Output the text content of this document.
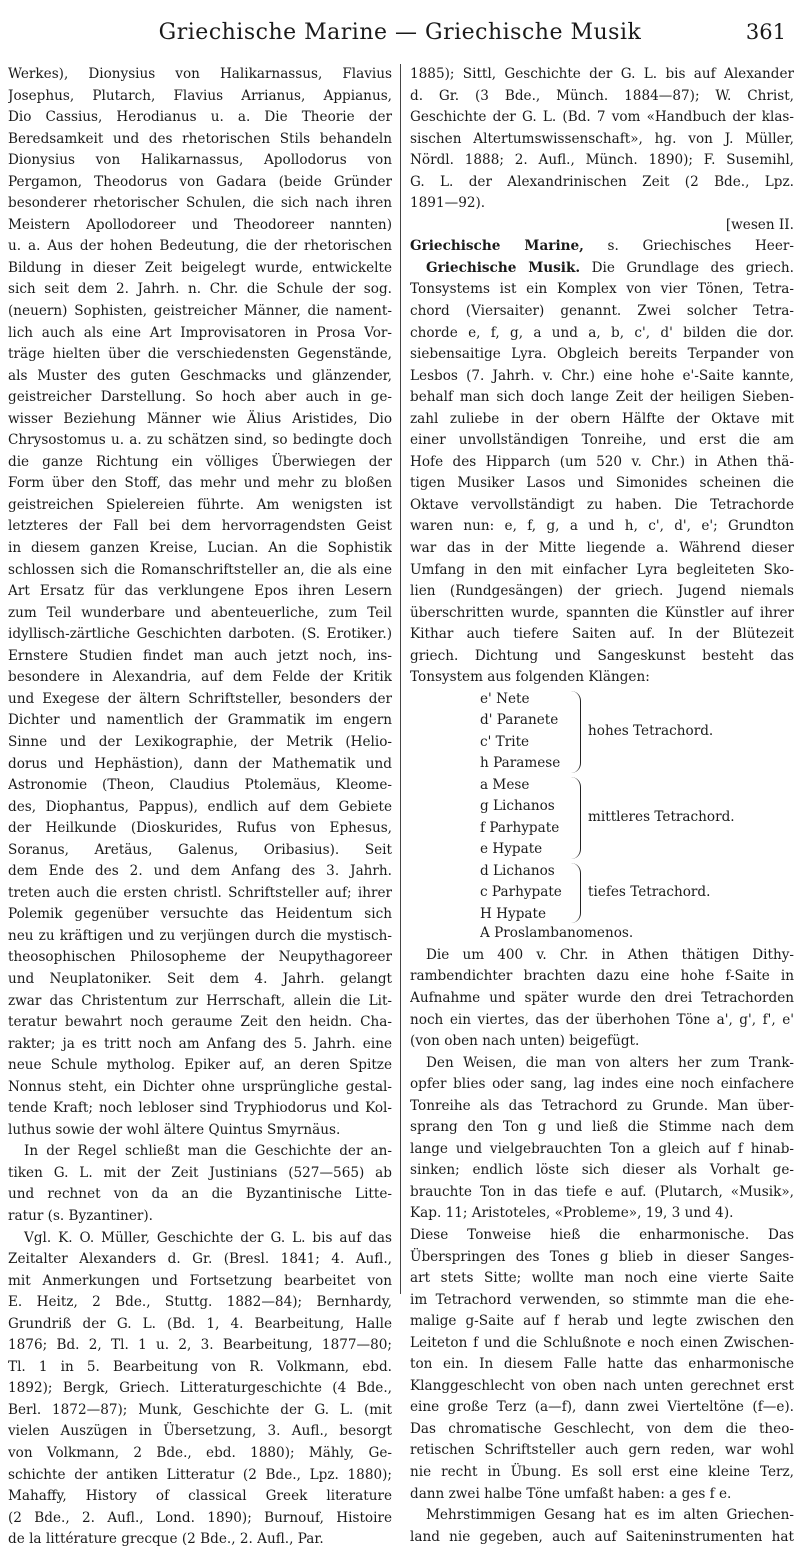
Griechische Marine — Griechische Musik	361
Werkes), Dionysius von Halikarnassus, Flavius
Josephus, Plutarch, Flavius Arrianus, Appianus,
Dio Cassius, Herodianus u. a. Die Theorie der
Beredsamkeit und des rhetorischen Stils behandeln
Dionysius von Halikarnassus, Apollodorus von
Pergamon, Theodorus von Gadara (beide Gründer
besonderer rhetorischer Schulen, die sich nach ihren
Meistern Apollodoreer und Theodoreer nannten)
u. a. Aus der hohen Bedeutung, die der rhetorischen
Bildung in dieser Zeit beigelegt wurde, entwickelte
sich seit dem 2. Jahrh. n. Chr. die Schule der sog.
(neuern) Sophisten, geistreicher Männer, die nament-
lich auch als eine Art Improvisatoren in Prosa Vor-
träge hielten über die verschiedensten Gegenstände,
als Muster des guten Geschmacks und glänzender,
geistreicher Darstellung. So hoch aber auch in ge-
wisser Beziehung Männer wie Älius Aristides, Dio
Chrysostomus u. a. zu schätzen sind, so bedingte doch
die ganze Richtung ein völliges Überwiegen der
Form über den Stoff, das mehr und mehr zu bloßen
geistreichen Spielereien führte. Am wenigsten ist
letzteres der Fall bei dem hervorragendsten Geist
in diesem ganzen Kreise, Lucian. An die Sophistik
schlossen sich die Romanschriftsteller an, die als eine
Art Ersatz für das verklungene Epos ihren Lesern
zum Teil wunderbare und abenteuerliche, zum Teil
idyllisch-zärtliche Geschichten darboten. (S. Erotiker.)
Ernstere Studien findet man auch jetzt noch, ins-
besondere in Alexandria, auf dem Felde der Kritik
und Exegese der ältern Schriftsteller, besonders der
Dichter und namentlich der Grammatik im engern
Sinne und der Lexikographie, der Metrik (Helio-
dorus und Hephästion), dann der Mathematik und
Astronomie (Theon, Claudius Ptolemäus, Kleome-
des, Diophantus, Pappus), endlich auf dem Gebiete
der Heilkunde (Dioskurides, Rufus von Ephesus,
Soranus, Aretäus, Galenus, Oribasius). Seit
dem Ende des 2. und dem Anfang des 3. Jahrh.
treten auch die ersten christl. Schriftsteller auf; ihrer
Polemik gegenüber versuchte das Heidentum sich
neu zu kräftigen und zu verjüngen durch die mystisch-
theosophischen Philosopheme der Neupythagoreer
und Neuplatoniker. Seit dem 4. Jahrh. gelangt
zwar das Christentum zur Herrschaft, allein die Lit-
teratur bewahrt noch geraume Zeit den heidn. Cha-
rakter; ja es tritt noch am Anfang des 5. Jahrh. eine
neue Schule mytholog. Epiker auf, an deren Spitze
Nonnus steht, ein Dichter ohne ursprüngliche gestal-
tende Kraft; noch lebloser sind Tryphiodorus und Kol-
luthus sowie der wohl ältere Quintus Smyrnäus.
In der Regel schließt man die Geschichte der an-
tiken G. L. mit der Zeit Justinians (527—565) ab
und rechnet von da an die Byzantinische Litte-
ratur (s. Byzantiner).
Vgl. K. O. Müller, Geschichte der G. L. bis auf das
Zeitalter Alexanders d. Gr. (Bresl. 1841; 4. Aufl.,
mit Anmerkungen und Fortsetzung bearbeitet von
E. Heitz, 2 Bde., Stuttg. 1882—84); Bernhardy,
Grundriß der G. L. (Bd. 1, 4. Bearbeitung, Halle
1876; Bd. 2, Tl. 1 u. 2, 3. Bearbeitung, 1877—80;
Tl. 1 in 5. Bearbeitung von R. Volkmann, ebd.
1892); Bergk, Griech. Litteraturgeschichte (4 Bde.,
Berl. 1872—87); Munk, Geschichte der G. L. (mit
vielen Auszügen in Übersetzung, 3. Aufl., besorgt
von Volkmann, 2 Bde., ebd. 1880); Mähly, Ge-
schichte der antiken Litteratur (2 Bde., Lpz. 1880);
Mahaffy, History of classical Greek literature
(2 Bde., 2. Aufl., Lond. 1890); Burnouf, Histoire
de la littérature grecque (2 Bde., 2. Aufl., Par.
1885); Sittl, Geschichte der G. L. bis auf Alexander
d. Gr. (3 Bde., Münch. 1884—87); W. Christ,
Geschichte der G. L. (Bd. 7 vom «Handbuch der klas-
sischen Altertumswissenschaft», hg. von J. Müller,
Nördl. 1888; 2. Aufl., Münch. 1890); F. Susemihl,
G. L. der Alexandrinischen Zeit (2 Bde., Lpz.
1891—92).
[wesen II.
Griechische Marine, s. Griechisches Heer-
Griechische Musik. Die Grundlage des griech.
Tonsystems ist ein Komplex von vier Tönen, Tetra-
chord (Viersaiter) genannt. Zwei solcher Tetra-
chorde e, f, g, a und a, b, c', d' bilden die dor.
siebensaitige Lyra. Obgleich bereits Terpander von
Lesbos (7. Jahrh. v. Chr.) eine hohe e'-Saite kannte,
behalf man sich doch lange Zeit der heiligen Sieben-
zahl zuliebe in der obern Hälfte der Oktave mit
einer unvollständigen Tonreihe, und erst die am
Hofe des Hipparch (um 520 v. Chr.) in Athen thä-
tigen Musiker Lasos und Simonides scheinen die
Oktave vervollständigt zu haben. Die Tetrachorde
waren nun: e, f, g, a und h, c', d', e'; Grundton
war das in der Mitte liegende a. Während dieser
Umfang in den mit einfacher Lyra begleiteten Sko-
lien (Rundgesängen) der griech. Jugend niemals
überschritten wurde, spannten die Künstler auf ihrer
Kithar auch tiefere Saiten auf. In der Blütezeit
griech. Dichtung und Sangeskunst besteht das
Tonsystem aus folgenden Klängen:
e' Nete
d' Paranete
c' Trite
h Paramese
hohes Tetrachord.
a Mese
g Lichanos
f Parhypate
e Hypate
mittleres Tetrachord.
d Lichanos
c Parhypate
H Hypate
tiefes Tetrachord.
A Proslambanomenos.
Die um 400 v. Chr. in Athen thätigen Dithy-
rambendichter brachten dazu eine hohe f-Saite in
Aufnahme und später wurde den drei Tetrachorden
noch ein viertes, das der überhohen Töne a', g', f', e'
(von oben nach unten) beigefügt.
Den Weisen, die man von alters her zum Trank-
opfer blies oder sang, lag indes eine noch einfachere
Tonreihe als das Tetrachord zu Grunde. Man über-
sprang den Ton g und ließ die Stimme nach dem
lange und vielgebrauchten Ton a gleich auf f hinab-
sinken; endlich löste sich dieser als Vorhalt ge-
brauchte Ton in das tiefe e auf. (Plutarch, «Musik»,
Kap. 11; Aristoteles, «Probleme», 19, 3 und 4).
Diese Tonweise hieß die enharmonische. Das
Überspringen des Tones g blieb in dieser Sanges-
art stets Sitte; wollte man noch eine vierte Saite
im Tetrachord verwenden, so stimmte man die ehe-
malige g-Saite auf f herab und legte zwischen den
Leiteton f und die Schlußnote e noch einen Zwischen-
ton ein. In diesem Falle hatte das enharmonische
Klanggeschlecht von oben nach unten gerechnet erst
eine große Terz (a—f), dann zwei Vierteltöne (f—e).
Das chromatische Geschlecht, von dem die theo-
retischen Schriftsteller auch gern reden, war wohl
nie recht in Übung. Es soll erst eine kleine Terz,
dann zwei halbe Töne umfaßt haben: a ges f e.
Mehrstimmigen Gesang hat es im alten Griechen-
land nie gegeben, auch auf Saiteninstrumenten hat
